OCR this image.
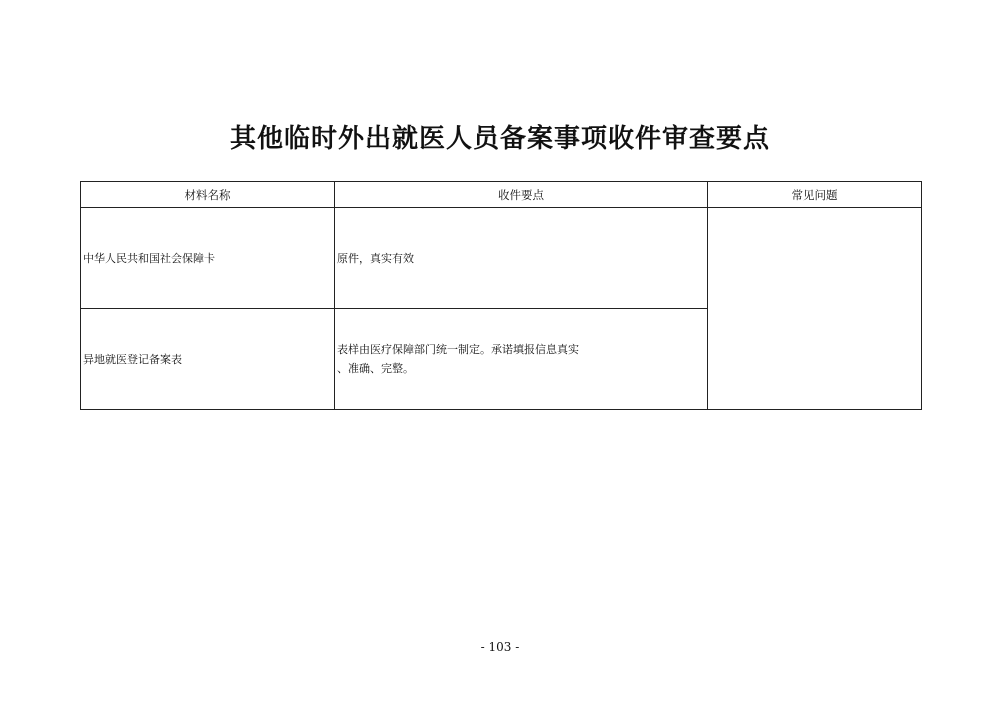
其他临时外出就医人员备案事项收件审查要点
材料名称	收件要点	常见问题
中华人民共和国社会保障卡	原件，真实有效	

异地就医登记备案表	表样由医疗保障部门统一制定。承诺填报信息真实
、准确、完整。	
- 103 -
